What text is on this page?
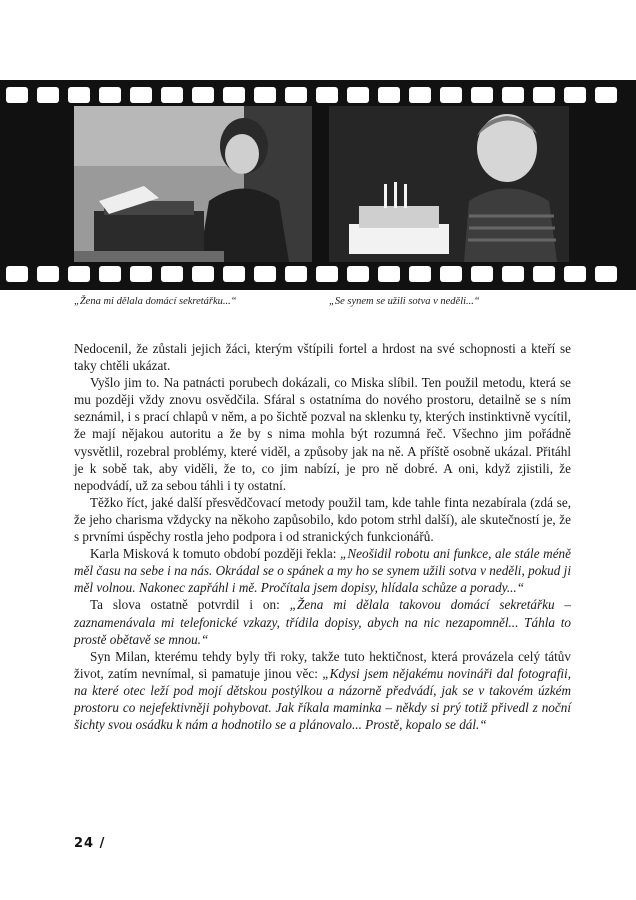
„Žena mi dělala domácí sekretářku...“	„Se synem se užili sotva v neděli...“

Nedocenil, že zůstali jejich žáci, kterým vštípili fortel a hrdost na své schopnosti a kteří se taky chtěli ukázat.

Vyšlo jim to. Na patnácti porubech dokázali, co Miska slíbil. Ten použil metodu, která se mu později vždy znovu osvědčila. Sfáral s ostatníma do nového prostoru, detailně se s ním seznámil, i s prací chlapů v něm, a po šichtě pozval na sklenku ty, kterých instinktivně vycítil, že mají nějakou autoritu a že by s nima mohla být rozumná řeč. Všechno jim pořádně vysvětlil, rozebral problémy, které viděl, a způsoby jak na ně. A příště osobně ukázal. Přitáhl je k sobě tak, aby viděli, že to, co jim nabízí, je pro ně dobré. A oni, když zjistili, že nepodvádí, už za sebou táhli i ty ostatní.

Těžko říct, jaké další přesvědčovací metody použil tam, kde tahle finta nezabírala (zdá se, že jeho charisma vždycky na někoho zapůsobilo, kdo potom strhl další), ale skutečností je, že s prvními úspěchy rostla jeho podpora i od stranických funkcionářů.

Karla Misková k tomuto období později řekla: „Neošidil robotu ani funkce, ale stále méně měl času na sebe i na nás. Okrádal se o spánek a my ho se synem užili sotva v neděli, pokud ji měl volnou. Nakonec zapřáhl i mě. Pročítala jsem dopisy, hlídala schůze a porady...“

Ta slova ostatně potvrdil i on: „Žena mi dělala takovou domácí sekretářku – zaznamenávala mi telefonické vzkazy, třídila dopisy, abych na nic nezapomněl... Táhla to prostě obětavě se mnou.“

Syn Milan, kterému tehdy byly tři roky, takže tuto hektičnost, která provázela celý tátův život, zatím nevnímal, si pamatuje jinou věc: „Kdysi jsem nějakému novináři dal fotografii, na které otec leží pod mojí dětskou postýlkou a názorně předvádí, jak se v takovém úzkém prostoru co nejefektivněji pohybovat. Jak říkala maminka – někdy si prý totiž přivedl z noční šichty svou osádku k nám a hodnotilo se a plánovalo... Prostě, kopalo se dál.“

24 /
